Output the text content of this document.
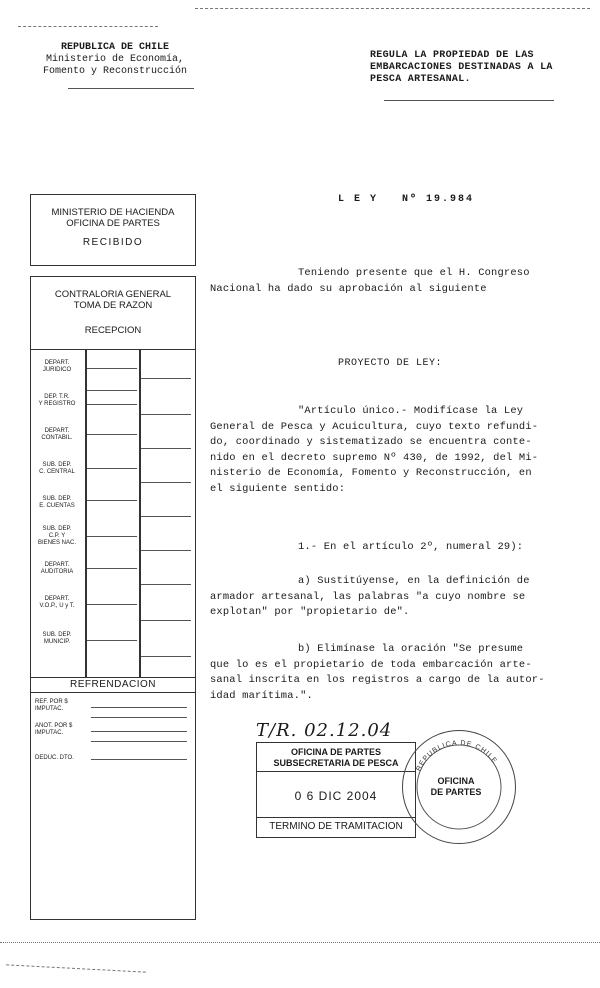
REPUBLICA DE CHILE
Ministerio de Economía,
Fomento y Reconstrucción
REGULA LA PROPIEDAD DE LAS
EMBARCACIONES DESTINADAS A LA
PESCA ARTESANAL.
MINISTERIO DE HACIENDA
OFICINA DE PARTES
RECIBIDO
CONTRALORIA GENERAL
TOMA DE RAZON
RECEPCION
DEPART.
JURIDICO
DEP. T.R.
Y REGISTRO
DEPART.
CONTABIL.
SUB. DEP.
C. CENTRAL
SUB. DEP.
E. CUENTAS
SUB. DEP.
C.P. Y
BIENES NAC.
DEPART.
AUDITORIA
DEPART.
V.O.P., U y T.
SUB. DEP.
MUNICIP.
REFRENDACION
REF. POR $
IMPUTAC.
ANOT. POR $
IMPUTAC.
DEDUC. DTO.
L E Y   Nº 19.984
Teniendo presente que el H. Congreso
Nacional ha dado su aprobación al siguiente
PROYECTO DE LEY:
"Artículo único.- Modifícase la Ley
General de Pesca y Acuicultura, cuyo texto refundi-
do, coordinado y sistematizado se encuentra conte-
nido en el decreto supremo Nº 430, de 1992, del Mi-
nisterio de Economía, Fomento y Reconstrucción, en
el siguiente sentido:
1.- En el artículo 2º, numeral 29):
a) Sustitúyense, en la definición de
armador artesanal, las palabras "a cuyo nombre se
explotan" por "propietario de".
b) Elimínase la oración "Se presume
que lo es el propietario de toda embarcación arte-
sanal inscrita en los registros a cargo de la autor-
idad marítima.".
T/R. 02.12.04
OFICINA DE PARTES
SUBSECRETARIA DE PESCA
0 6 DIC 2004
TERMINO DE TRAMITACION
REPUBLICA DE CHILE
OFICINA
DE PARTES
